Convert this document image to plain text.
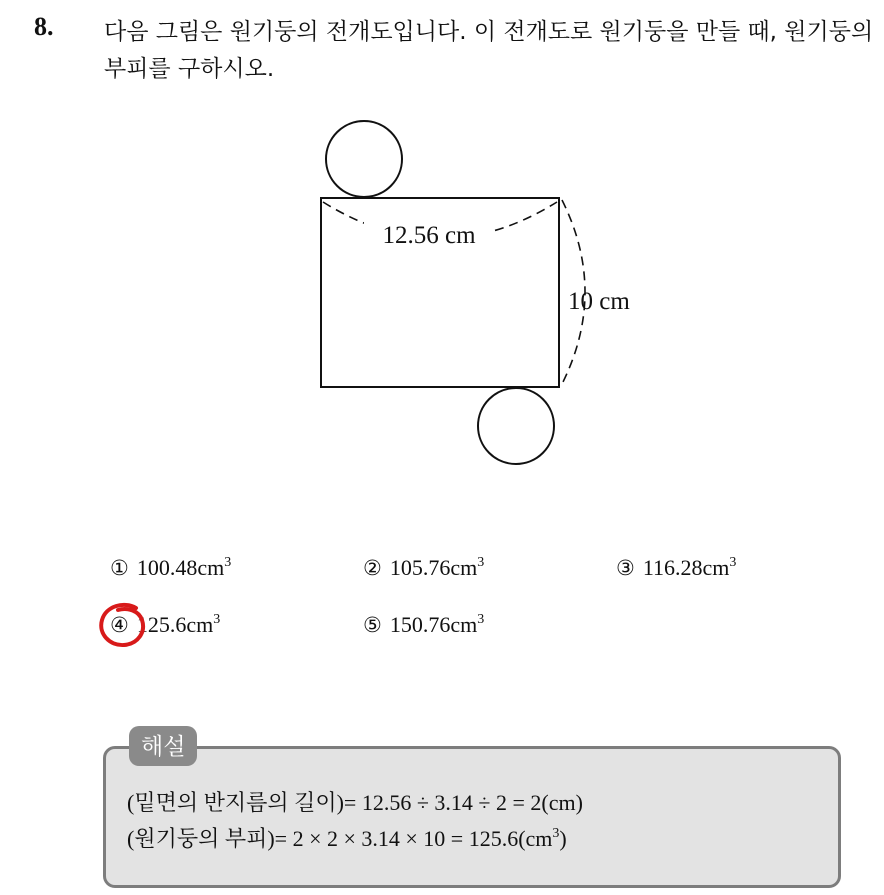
8. 다음 그림은 원기둥의 전개도입니다. 이 전개도로 원기둥을 만들 때, 원기둥의 부피를 구하시오.

12.56 cm
10 cm
① $100.48cm^3$	② $105.76cm^3$	③ $116.28cm^3$
④ $125.6cm^3$	⑤ $150.76cm^3$
해설
(밑면의 반지름의 길이)= 12.56 ÷ 3.14 ÷ 2 = 2(cm)
(원기둥의 부피)= $2 \times 2 \times 3.14 \times 10 = 125.6(cm^3)$
